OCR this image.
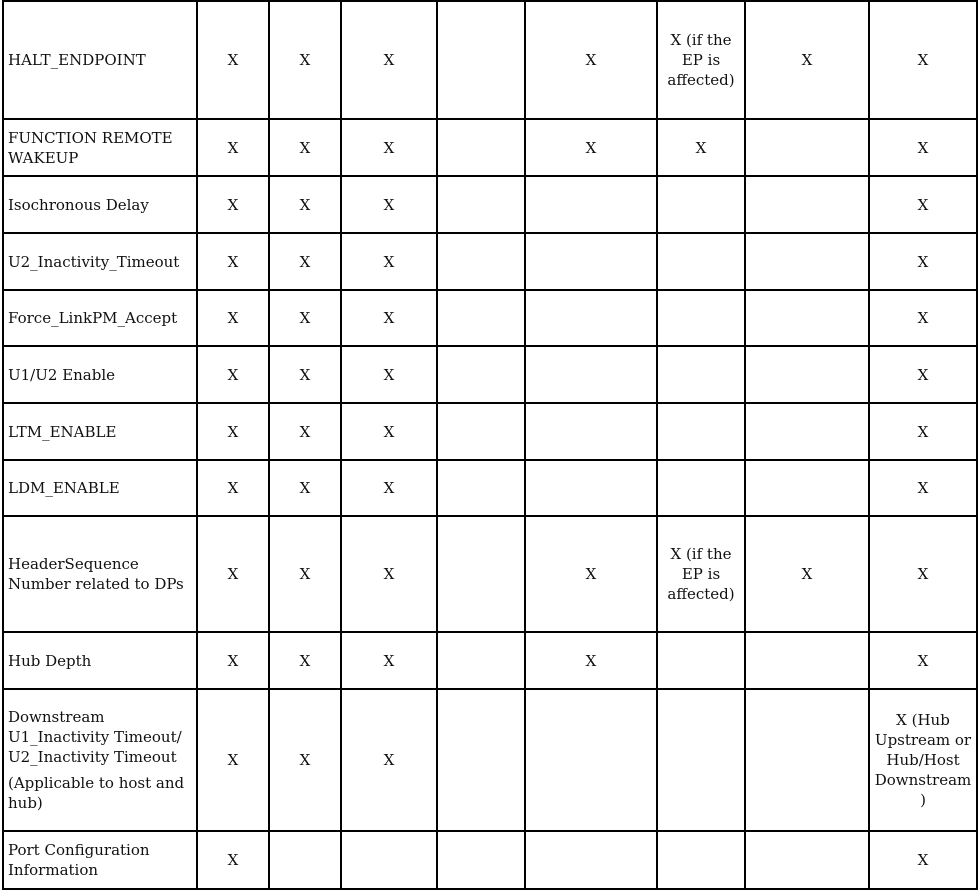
HALT_ENDPOINT	X	X	X		X	X (if the EP is affected)	X	X
FUNCTION REMOTE WAKEUP	X	X	X		X	X		X
Isochronous Delay	X	X	X					X
U2_Inactivity_Timeout	X	X	X					X
Force_LinkPM_Accept	X	X	X					X
U1/U2 Enable	X	X	X					X
LTM_ENABLE	X	X	X					X
LDM_ENABLE	X	X	X					X
HeaderSequence Number related to DPs	X	X	X		X	X (if the EP is affected)	X	X
Hub Depth	X	X	X		X			X
Downstream U1_Inactivity Timeout/ U2_Inactivity Timeout
(Applicable to host and hub)	X	X	X					X (Hub Upstream or Hub/Host Downstream )
Port Configuration Information	X							X
